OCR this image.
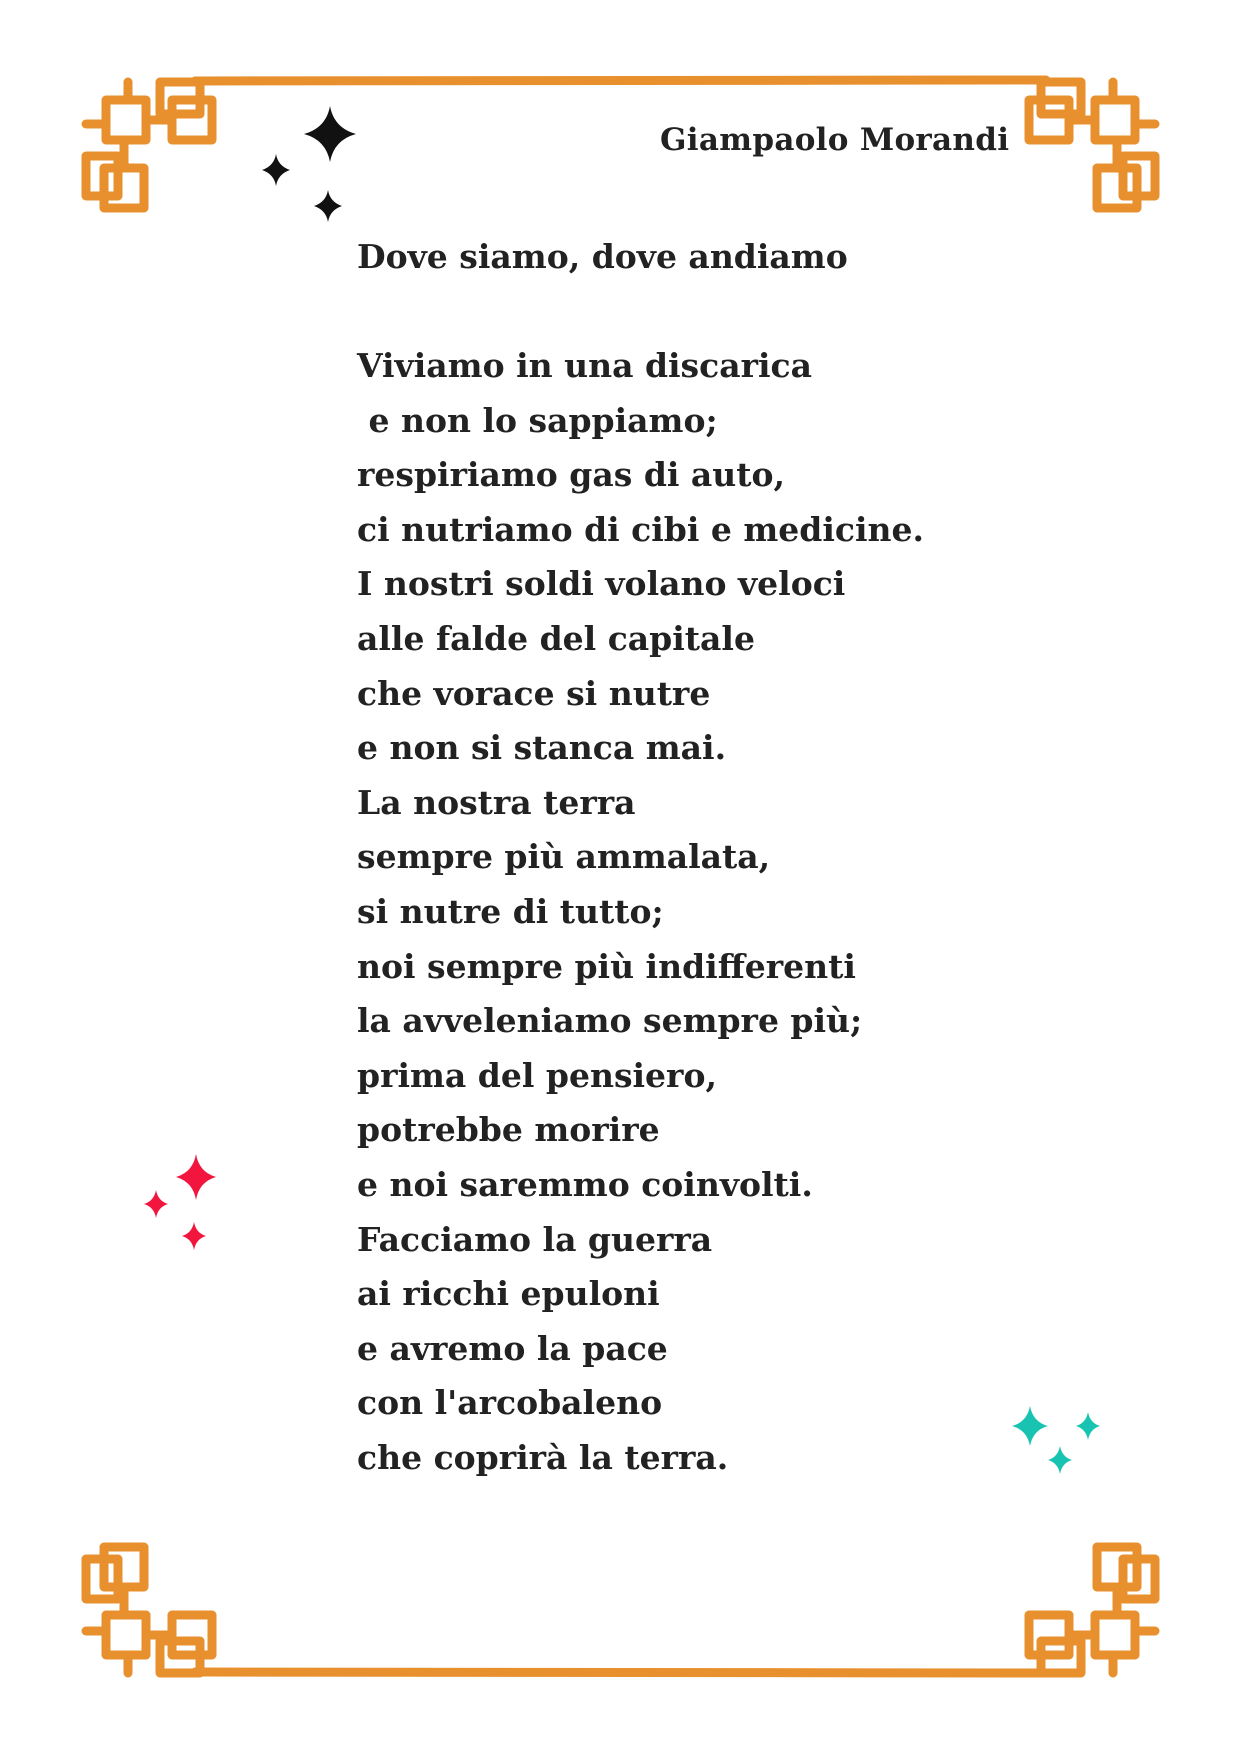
Giampaolo Morandi
Dove siamo, dove andiamo
Viviamo in una discarica
e non lo sappiamo;
respiriamo gas di auto,
ci nutriamo di cibi e medicine.
I nostri soldi volano veloci
alle falde del capitale
che vorace si nutre
e non si stanca mai.
La nostra terra
sempre più ammalata,
si nutre di tutto;
noi sempre più indifferenti
la avveleniamo sempre più;
prima del pensiero,
potrebbe morire
e noi saremmo coinvolti.
Facciamo la guerra
ai ricchi epuloni
e avremo la pace
con l'arcobaleno
che coprirà la terra.
